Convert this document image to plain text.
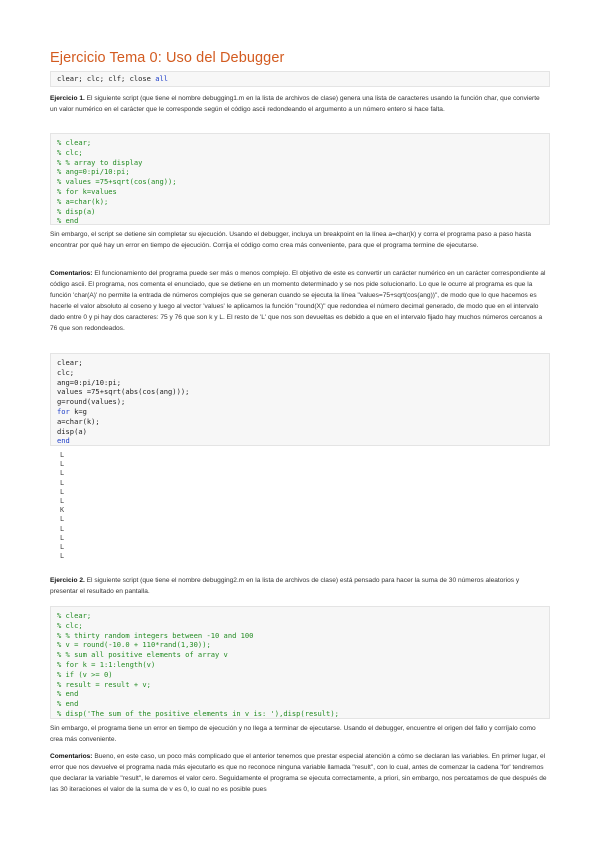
Ejercicio Tema 0: Uso del Debugger
clear; clc; clf; close all
Ejercicio 1. El siguiente script (que tiene el nombre debugging1.m en la lista de archivos de clase) genera una lista de caracteres usando la función char, que convierte un valor numérico en el carácter que le corresponde según el código ascii redondeando el argumento a un número entero si hace falta.
% clear;
% clc;
% % array to display
% ang=0:pi/10:pi;
% values =75+sqrt(cos(ang));
% for k=values
% a=char(k);
% disp(a)
% end
Sin embargo, el script se detiene sin completar su ejecución. Usando el debugger, incluya un breakpoint en la línea a=char(k) y corra el programa paso a paso hasta encontrar por qué hay un error en tiempo de ejecución. Corrija el código como crea más conveniente, para que el programa termine de ejecutarse.
Comentarios: El funcionamiento del programa puede ser más o menos complejo. El objetivo de este es convertir un carácter numérico en un carácter correspondiente al código ascii. El programa, nos comenta el enunciado, que se detiene en un momento determinado y se nos pide solucionarlo. Lo que le ocurre al programa es que la función 'char(A)' no permite la entrada de números complejos que se generan cuando se ejecuta la línea "values=75+sqrt(cos(ang))", de modo que lo que hacemos es hacerle el valor absoluto al coseno y luego al vector 'values' le aplicamos la función "round(X)" que redondea el número decimal generado, de modo que en el intervalo dado entre 0 y pi hay dos caracteres: 75 y 76 que son k y L. El resto de 'L' que nos son devueltas es debido a que en el intervalo fijado hay muchos números cercanos a 76 que son redondeados.
clear;
clc;
ang=0:pi/10:pi;
values =75+sqrt(abs(cos(ang)));
g=round(values);
for k=g
a=char(k);
disp(a)
end
L
L
L
L
L
L
K
L
L
L
L
L
Ejercicio 2. El siguiente script (que tiene el nombre debugging2.m en la lista de archivos de clase) está pensado para hacer la suma de 30 números aleatorios y presentar el resultado en pantalla.
% clear;
% clc;
% % thirty random integers between -10 and 100
% v = round(-10.0 + 110*rand(1,30));
% % sum all positive elements of array v
% for k = 1:1:length(v)
% if (v >= 0)
% result = result + v;
% end
% end
% disp('The sum of the positive elements in v is: '),disp(result);
Sin embargo, el programa tiene un error en tiempo de ejecución y no llega a terminar de ejecutarse. Usando el debugger, encuentre el origen del fallo y corríjalo como crea más conveniente.
Comentarios: Bueno, en este caso, un poco más complicado que el anterior tenemos que prestar especial atención a cómo se declaran las variables. En primer lugar, el error que nos devuelve el programa nada más ejecutarlo es que no reconoce ninguna variable llamada "result", con lo cual, antes de comenzar la cadena 'for' tendremos que declarar la variable "result", le daremos el valor cero. Seguidamente el programa se ejecuta correctamente, a priori, sin embargo, nos percatamos de que después de las 30 iteraciones el valor de la suma de v es 0, lo cual no es posible pues
